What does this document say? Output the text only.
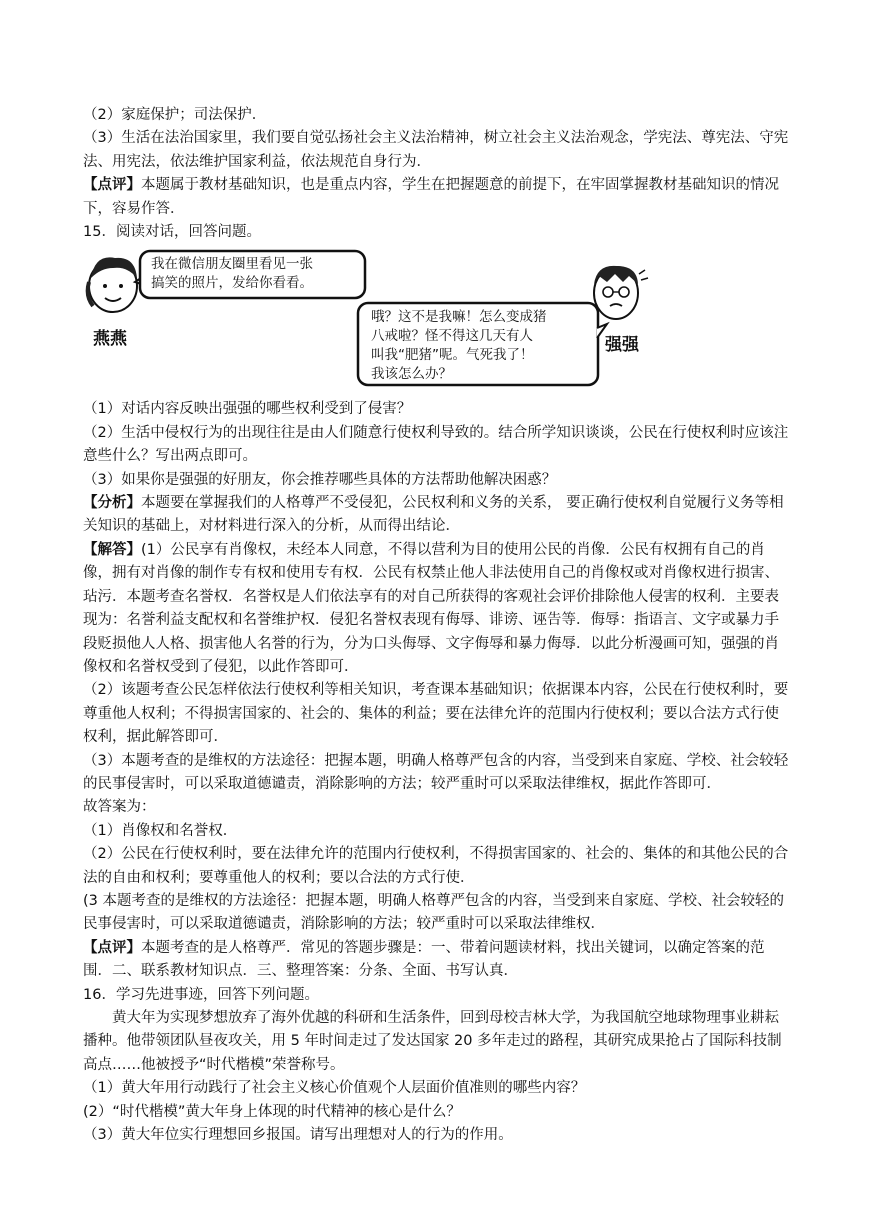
（2）家庭保护；司法保护．

（3）生活在法治国家里，我们要自觉弘扬社会主义法治精神，树立社会主义法治观念，学宪法、尊宪法、守宪法、用宪法，依法维护国家利益，依法规范自身行为．

【点评】本题属于教材基础知识，也是重点内容，学生在把握题意的前提下，在牢固掌握教材基础知识的情况下，容易作答．

15．阅读对话，回答问题。

我在微信朋友圈里看见一张
搞笑的照片，发给你看看。
燕燕
哦？这不是我嘛！怎么变成猪
八戒啦？怪不得这几天有人
叫我“肥猪”呢。气死我了！
我该怎么办？
强强

（1）对话内容反映出强强的哪些权利受到了侵害？

（2）生活中侵权行为的出现往往是由人们随意行使权利导致的。结合所学知识谈谈，公民在行使权利时应该注意些什么？写出两点即可。

（3）如果你是强强的好朋友，你会推荐哪些具体的方法帮助他解决困惑？

【分析】本题要在掌握我们的人格尊严不受侵犯，公民权利和义务的关系， 要正确行使权利自觉履行义务等相关知识的基础上，对材料进行深入的分析，从而得出结论．

【解答】(1）公民享有肖像权，未经本人同意，不得以营利为目的使用公民的肖像．公民有权拥有自己的肖像，拥有对肖像的制作专有权和使用专有权．公民有权禁止他人非法使用自己的肖像权或对肖像权进行损害、玷污．本题考查名誉权．名誉权是人们依法享有的对自己所获得的客观社会评价排除他人侵害的权利．主要表现为：名誉利益支配权和名誉维护权．侵犯名誉权表现有侮辱、诽谤、诬告等．侮辱：指语言、文字或暴力手段贬损他人人格、损害他人名誉的行为，分为口头侮辱、文字侮辱和暴力侮辱．以此分析漫画可知，强强的肖像权和名誉权受到了侵犯，以此作答即可．

（2）该题考查公民怎样依法行使权利等相关知识，考查课本基础知识；依据课本内容，公民在行使权利时，要尊重他人权利；不得损害国家的、社会的、集体的利益；要在法律允许的范围内行使权利；要以合法方式行使权利，据此解答即可．

（3）本题考查的是维权的方法途径：把握本题，明确人格尊严包含的内容，当受到来自家庭、学校、社会较轻的民事侵害时，可以采取道德谴责，消除影响的方法；较严重时可以采取法律维权，据此作答即可．

故答案为：

（1）肖像权和名誉权．

（2）公民在行使权利时，要在法律允许的范围内行使权利，不得损害国家的、社会的、集体的和其他公民的合法的自由和权利；要尊重他人的权利；要以合法的方式行使．

(3 本题考查的是维权的方法途径：把握本题，明确人格尊严包含的内容，当受到来自家庭、学校、社会较轻的民事侵害时，可以采取道德谴责，消除影响的方法；较严重时可以采取法律维权．

【点评】本题考查的是人格尊严．常见的答题步骤是：一、带着问题读材料，找出关键词，以确定答案的范围．二、联系教材知识点．三、整理答案：分条、全面、书写认真．

16．学习先进事迹，回答下列问题。

黄大年为实现梦想放弃了海外优越的科研和生活条件，回到母校吉林大学，为我国航空地球物理事业耕耘播种。他带领团队昼夜攻关，用 5 年时间走过了发达国家 20 多年走过的路程，其研究成果抢占了国际科技制高点……他被授予“时代楷模”荣誉称号。

（1）黄大年用行动践行了社会主义核心价值观个人层面价值准则的哪些内容？

(2）“时代楷模”黄大年身上体现的时代精神的核心是什么？

（3）黄大年位实行理想回乡报国。请写出理想对人的行为的作用。
